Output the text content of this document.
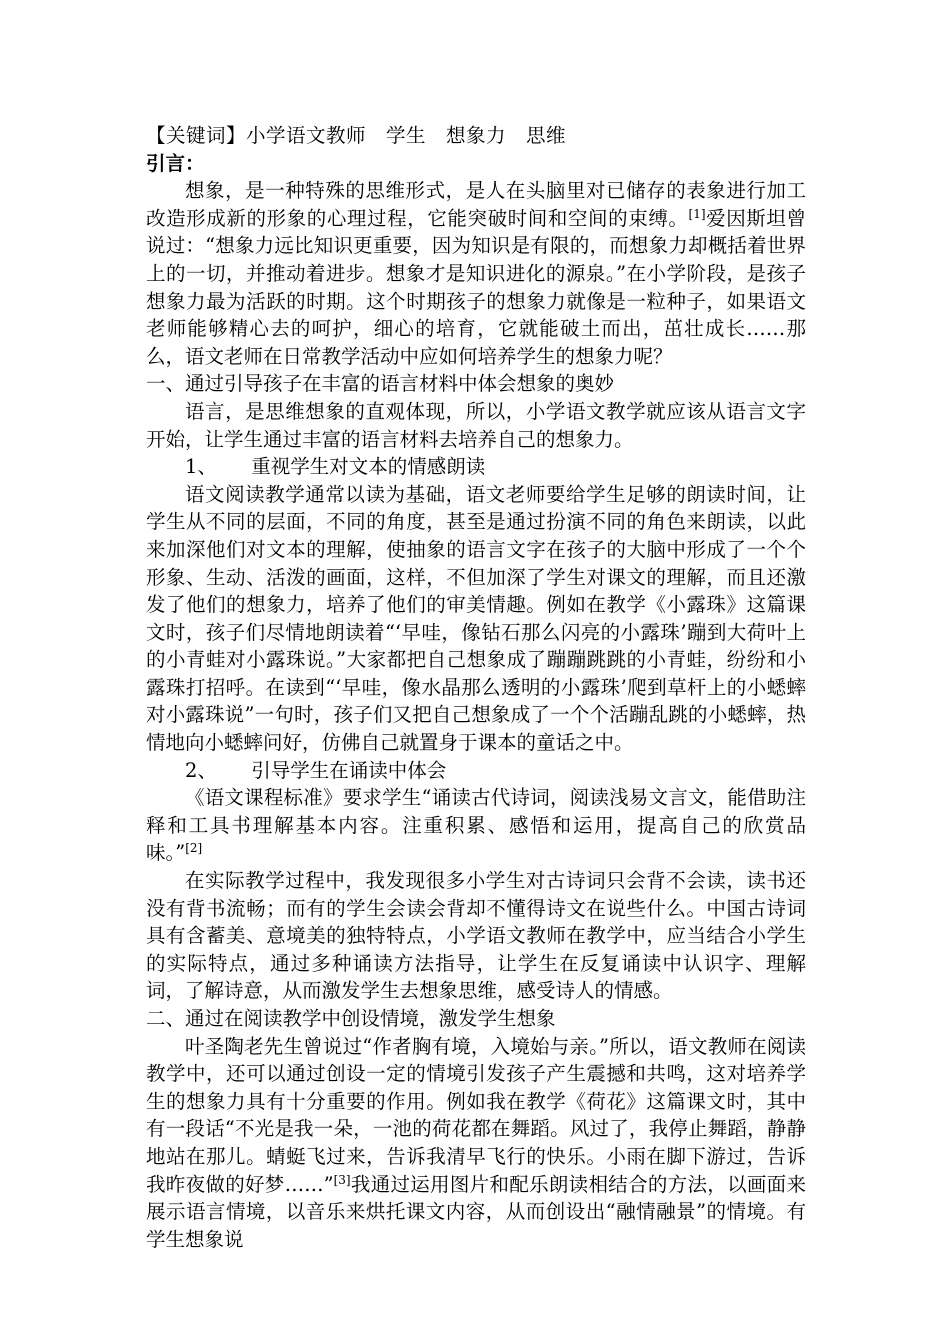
【关键词】小学语文教师　学生　想象力　思维
引言：

想象，是一种特殊的思维形式，是人在头脑里对已储存的表象进行加工改造形成新的形象的心理过程，它能突破时间和空间的束缚。[1]爱因斯坦曾说过：“想象力远比知识更重要，因为知识是有限的，而想象力却概括着世界上的一切，并推动着进步。想象才是知识进化的源泉。”在小学阶段，是孩子想象力最为活跃的时期。这个时期孩子的想象力就像是一粒种子，如果语文老师能够精心去的呵护，细心的培育，它就能破土而出，茁壮成长……那么，语文老师在日常教学活动中应如何培养学生的想象力呢？

一、通过引导孩子在丰富的语言材料中体会想象的奥妙

语言，是思维想象的直观体现，所以，小学语文教学就应该从语言文字开始，让学生通过丰富的语言材料去培养自己的想象力。

1、 重视学生对文本的情感朗读

语文阅读教学通常以读为基础，语文老师要给学生足够的朗读时间，让学生从不同的层面，不同的角度，甚至是通过扮演不同的角色来朗读，以此来加深他们对文本的理解，使抽象的语言文字在孩子的大脑中形成了一个个形象、生动、活泼的画面，这样，不但加深了学生对课文的理解，而且还激发了他们的想象力，培养了他们的审美情趣。例如在教学《小露珠》这篇课文时，孩子们尽情地朗读着“‘早哇，像钻石那么闪亮的小露珠’蹦到大荷叶上的小青蛙对小露珠说。”大家都把自己想象成了蹦蹦跳跳的小青蛙，纷纷和小露珠打招呼。在读到“‘早哇，像水晶那么透明的小露珠’爬到草杆上的小蟋蟀对小露珠说”一句时，孩子们又把自己想象成了一个个活蹦乱跳的小蟋蟀，热情地向小蟋蟀问好，仿佛自己就置身于课本的童话之中。

2、 引导学生在诵读中体会

《语文课程标准》要求学生“诵读古代诗词，阅读浅易文言文，能借助注释和工具书理解基本内容。注重积累、感悟和运用，提高自己的欣赏品味。”[2]

在实际教学过程中，我发现很多小学生对古诗词只会背不会读，读书还没有背书流畅；而有的学生会读会背却不懂得诗文在说些什么。中国古诗词具有含蓄美、意境美的独特特点，小学语文教师在教学中，应当结合小学生的实际特点，通过多种诵读方法指导，让学生在反复诵读中认识字、理解词，了解诗意，从而激发学生去想象思维，感受诗人的情感。

二、通过在阅读教学中创设情境，激发学生想象

叶圣陶老先生曾说过“作者胸有境，入境始与亲。”所以，语文教师在阅读教学中，还可以通过创设一定的情境引发孩子产生震撼和共鸣，这对培养学生的想象力具有十分重要的作用。例如我在教学《荷花》这篇课文时，其中有一段话“不光是我一朵，一池的荷花都在舞蹈。风过了，我停止舞蹈，静静地站在那儿。蜻蜓飞过来，告诉我清早飞行的快乐。小雨在脚下游过，告诉我昨夜做的好梦……”[3]我通过运用图片和配乐朗读相结合的方法，以画面来展示语言情境，以音乐来烘托课文内容，从而创设出“融情融景”的情境。有学生想象说
